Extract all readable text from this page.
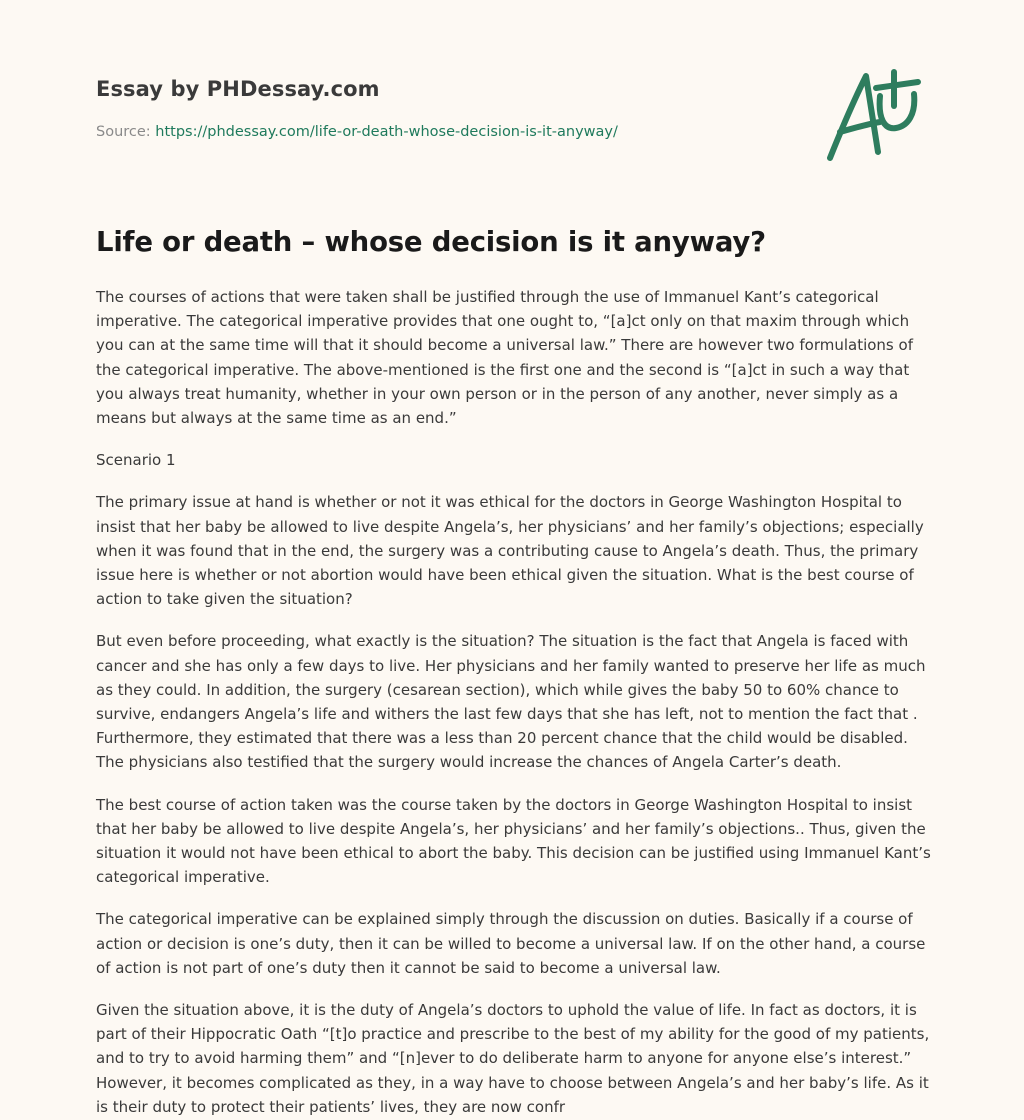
Essay by PHDessay.com

Source: https://phdessay.com/life-or-death-whose-decision-is-it-anyway/

Life or death – whose decision is it anyway?

The courses of actions that were taken shall be justified through the use of Immanuel Kant’s categorical imperative. The categorical imperative provides that one ought to, “[a]ct only on that maxim through which you can at the same time will that it should become a universal law.” There are however two formulations of the categorical imperative. The above-mentioned is the first one and the second is “[a]ct in such a way that you always treat humanity, whether in your own person or in the person of any another, never simply as a means but always at the same time as an end.”

Scenario 1

The primary issue at hand is whether or not it was ethical for the doctors in George Washington Hospital to insist that her baby be allowed to live despite Angela’s, her physicians’ and her family’s objections; especially when it was found that in the end, the surgery was a contributing cause to Angela’s death. Thus, the primary issue here is whether or not abortion would have been ethical given the situation. What is the best course of action to take given the situation?

But even before proceeding, what exactly is the situation? The situation is the fact that Angela is faced with cancer and she has only a few days to live. Her physicians and her family wanted to preserve her life as much as they could. In addition, the surgery (cesarean section), which while gives the baby 50 to 60% chance to survive, endangers Angela’s life and withers the last few days that she has left, not to mention the fact that . Furthermore, they estimated that there was a less than 20 percent chance that the child would be disabled. The physicians also testified that the surgery would increase the chances of Angela Carter’s death.

The best course of action taken was the course taken by the doctors in George Washington Hospital to insist that her baby be allowed to live despite Angela’s, her physicians’ and her family’s objections.. Thus, given the situation it would not have been ethical to abort the baby. This decision can be justified using Immanuel Kant’s categorical imperative.

The categorical imperative can be explained simply through the discussion on duties. Basically if a course of action or decision is one’s duty, then it can be willed to become a universal law. If on the other hand, a course of action is not part of one’s duty then it cannot be said to become a universal law.

Given the situation above, it is the duty of Angela’s doctors to uphold the value of life. In fact as doctors, it is part of their Hippocratic Oath “[t]o practice and prescribe to the best of my ability for the good of my patients, and to try to avoid harming them” and “[n]ever to do deliberate harm to anyone for anyone else’s interest.” However, it becomes complicated as they, in a way have to choose between Angela’s and her baby’s life. As it is their duty to protect their patients’ lives, they are now confr
